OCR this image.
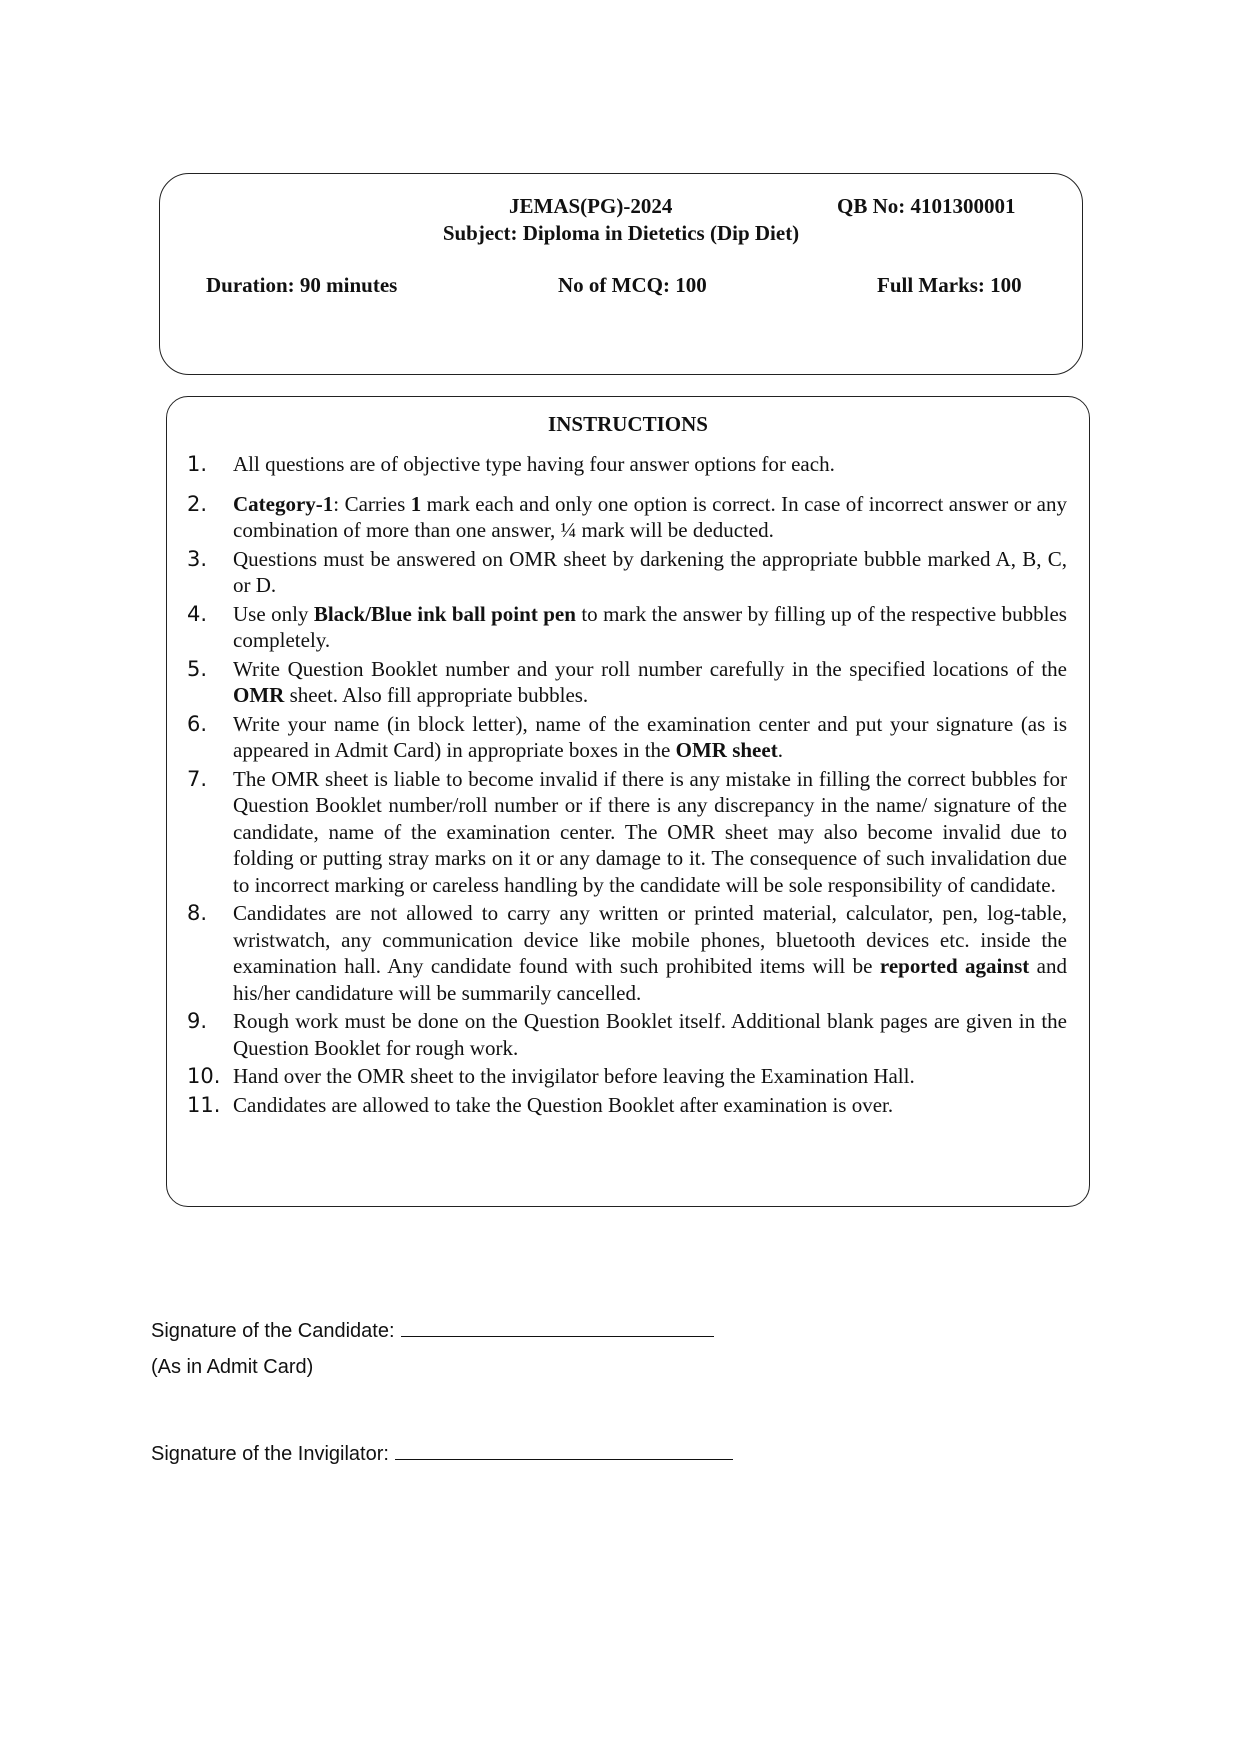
JEMAS(PG)-2024	QB No: 4101300001
Subject: Diploma in Dietetics (Dip Diet)
Duration: 90 minutes	No of MCQ: 100	Full Marks: 100
INSTRUCTIONS
1.	All questions are of objective type having four answer options for each.
2.	Category-1: Carries 1 mark each and only one option is correct. In case of incorrect answer or any combination of more than one answer, ¼ mark will be deducted.
3.	Questions must be answered on OMR sheet by darkening the appropriate bubble marked A, B, C, or D.
4.	Use only Black/Blue ink ball point pen to mark the answer by filling up of the respective bubbles completely.
5.	Write Question Booklet number and your roll number carefully in the specified locations of the OMR sheet. Also fill appropriate bubbles.
6.	Write your name (in block letter), name of the examination center and put your signature (as is appeared in Admit Card) in appropriate boxes in the OMR sheet.
7.	The OMR sheet is liable to become invalid if there is any mistake in filling the correct bubbles for Question Booklet number/roll number or if there is any discrepancy in the name/ signature of the candidate, name of the examination center. The OMR sheet may also become invalid due to folding or putting stray marks on it or any damage to it. The consequence of such invalidation due to incorrect marking or careless handling by the candidate will be sole responsibility of candidate.
8.	Candidates are not allowed to carry any written or printed material, calculator, pen, log-table, wristwatch, any communication device like mobile phones, bluetooth devices etc. inside the examination hall. Any candidate found with such prohibited items will be reported against and his/her candidature will be summarily cancelled.
9.	Rough work must be done on the Question Booklet itself. Additional blank pages are given in the Question Booklet for rough work.
10. Hand over the OMR sheet to the invigilator before leaving the Examination Hall.
11. Candidates are allowed to take the Question Booklet after examination is over.
Signature of the Candidate:
(As in Admit Card)
Signature of the Invigilator:
